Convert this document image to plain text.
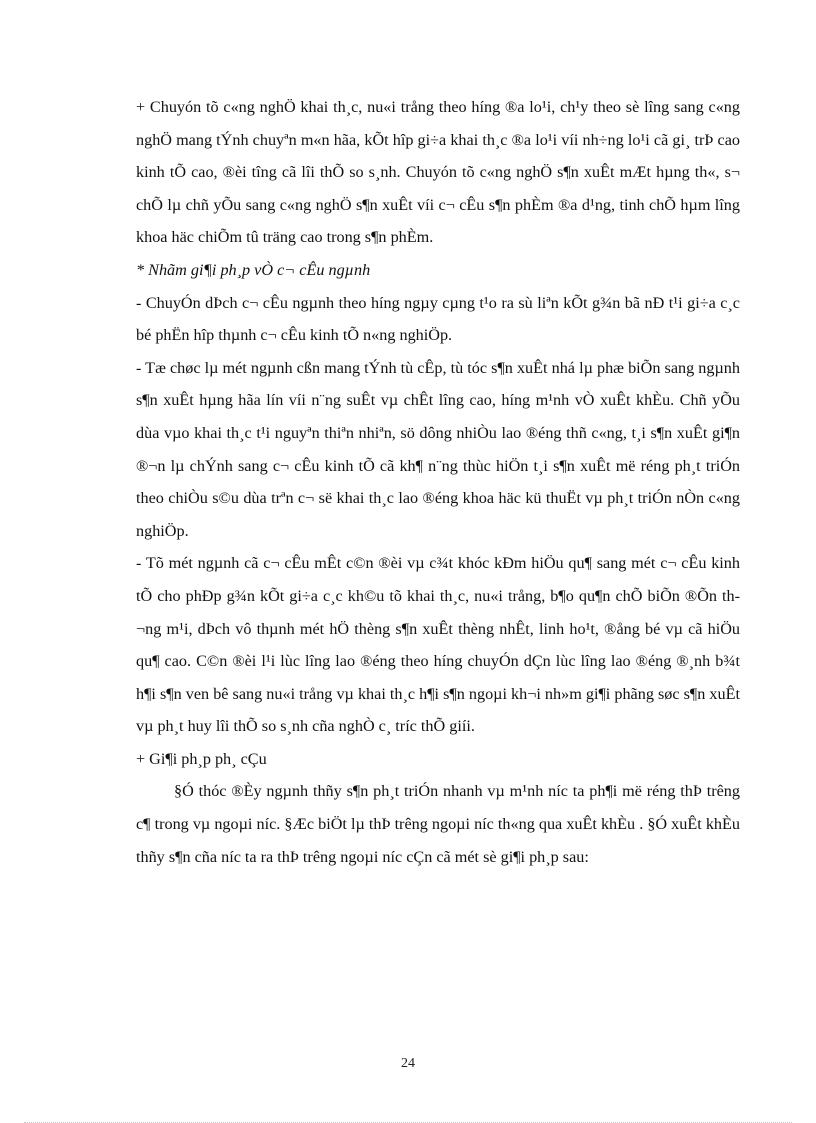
+ Chuyón tõ c«ng nghÖ khai th¸c, nu«i trång theo híng ®a lo¹i, ch¹y theo sè lîng sang c«ng nghÖ mang tÝnh chuyªn m«n hãa, kÕt hîp gi÷a khai th¸c ®a lo¹i víi nh÷ng lo¹i cã gi¸ trÞ cao kinh tÕ cao, ®èi tîng cã lîi thÕ so s¸nh. Chuyón tõ c«ng nghÖ s¶n xuÊt mÆt hµng th«, s¬ chÕ lµ chñ yÕu sang c«ng nghÖ s¶n xuÊt víi c¬ cÊu s¶n phÈm ®a d¹ng, tinh chÕ hµm lîng khoa häc chiÕm tû träng cao trong s¶n phÈm.

* Nhãm gi¶i ph¸p vÒ c¬ cÊu ngµnh

- ChuyÓn dÞch c¬ cÊu ngµnh theo híng ngµy cµng t¹o ra sù liªn kÕt g¾n bã nÐ t¹i gi÷a c¸c bé phËn hîp thµnh c¬ cÊu kinh tÕ n«ng nghiÖp.

- Tæ chøc lµ mét ngµnh cßn mang tÝnh tù cÊp, tù tóc s¶n xuÊt nhá lµ phæ biÕn sang ngµnh s¶n xuÊt hµng hãa lín víi n¨ng suÊt vµ chÊt lîng cao, híng m¹nh vÒ xuÊt khÈu. Chñ yÕu dùa vµo khai th¸c t¹i nguyªn thiªn nhiªn, sö dông nhiÒu lao ®éng thñ c«ng, t¸i s¶n xuÊt gi¶n ®¬n lµ chÝnh sang c¬ cÊu kinh tÕ cã kh¶ n¨ng thùc hiÖn t¸i s¶n xuÊt më réng ph¸t triÓn theo chiÒu s©u dùa trªn c¬ së khai th¸c lao ®éng khoa häc kü thuËt vµ ph¸t triÓn nÒn c«ng nghiÖp.

- Tõ mét ngµnh cã c¬ cÊu mÊt c©n ®èi vµ c¾t khóc kÐm hiÖu qu¶ sang mét c¬ cÊu kinh tÕ cho phÐp g¾n kÕt gi÷a c¸c kh©u tõ khai th¸c, nu«i trång, b¶o qu¶n chÕ biÕn ®Õn th¬ng m¹i, dÞch vô thµnh mét hÖ thèng s¶n xuÊt thèng nhÊt, linh ho¹t, ®ång bé vµ cã hiÖu qu¶ cao. C©n ®èi l¹i lùc lîng lao ®éng theo híng chuyÓn dÇn lùc lîng lao ®éng ®¸nh b¾t h¶i s¶n ven bê sang nu«i trång vµ khai th¸c h¶i s¶n ngoµi kh¬i nh»m gi¶i phãng søc s¶n xuÊt vµ ph¸t huy lîi thÕ so s¸nh cña nghÒ c¸ tríc thÕ giíi.

+ Gi¶i ph¸p ph¸ cÇu

§Ó thóc ®Èy ngµnh thñy s¶n ph¸t triÓn nhanh vµ m¹nh níc ta ph¶i më réng thÞ trêng c¶ trong vµ ngoµi níc. §Æc biÖt lµ thÞ trêng ngoµi níc th«ng qua xuÊt khÈu . §Ó xuÊt khÈu thñy s¶n cña níc ta ra thÞ trêng ngoµi níc cÇn cã mét sè gi¶i ph¸p sau:

24
